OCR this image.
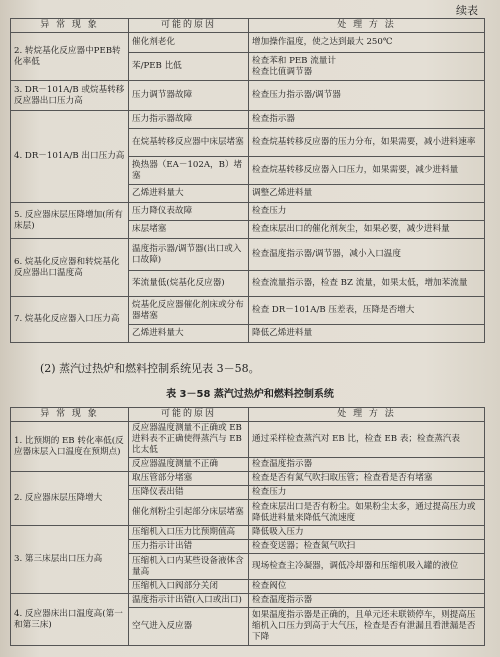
续表
异 常 现 象	可能的原因	处 理 方 法
2. 转烷基化反应器中PEB转化率低	催化剂老化	增加操作温度，使之达到最大 250℃
	苯/PEB 比低	检查苯和 PEB 流量计
检查比值调节器
3. DR－101A/B 或烷基转移反应器出口压力高	压力调节器故障	检查压力指示器/调节器
4. DR－101A/B 出口压力高	压力指示器故障	检查指示器
	在烷基转移反应器中床层堵塞	检查烷基转移反应器的压力分布，如果需要，减小进料速率
	换热器（EA－102A，B）堵塞	检查烷基转移反应器入口压力，如果需要，减少进料量
	乙烯进料量大	调整乙烯进料量
5. 反应器床层压降增加(所有床层)	压力降仪表故障	检查压力
	床层堵塞	检查床层出口的催化剂灰尘，如果必要，减少进料量
6. 烷基化反应器和转烷基化反应器出口温度高	温度指示器/调节器(出口或入口故障)	检查温度指示器/调节器，减小入口温度
	苯流量低(烷基化反应器)	检查流量指示器，检查 BZ 流量，如果太低，增加苯流量
7. 烷基化反应器入口压力高	烷基化反应器催化剂床或分布器堵塞	检查 DR－101A/B 压差表，压降是否增大
	乙烯进料量大	降低乙烯进料量
(2) 蒸汽过热炉和燃料控制系统见表 3－58。
表 3－58 蒸汽过热炉和燃料控制系统
异 常 现 象	可能的原因	处 理 方 法
1. 比预期的 EB 转化率低(反应器床层入口温度在预期点)	反应器温度测量不正确或 EB 进料表不正确使得蒸汽与 EB 比太低	通过采样检查蒸汽对 EB 比，检查 EB 表；检查蒸汽表
	反应器温度测量不正确	检查温度指示器
2. 反应器床层压降增大	取压管部分堵塞	检查是否有氮气吹扫取压管；检查看是否有堵塞
	压降仪表出错	检查压力
	催化剂粉尘引起部分床层堵塞	检查床层出口是否有粉尘。如果粉尘太多，通过提高压力或降低进料量来降低气流速度
3. 第三床层出口压力高	压缩机入口压力比预期值高	降低吸入压力
	压力指示计出错	检查变送器；检查氮气吹扫
	压缩机入口内某些设备液体含量高	现场检查主冷凝器，调低冷却器和压缩机吸入罐的液位
	压缩机入口阀部分关闭	检查阀位
4. 反应器床出口温度高(第一和第三床)	温度指示计出错(入口或出口)	检查温度指示器
	空气进入反应器	如果温度指示器是正确的，且单元还未联锁停车，则提高压缩机入口压力到高于大气压，检查是否有泄漏且看泄漏是否下降
